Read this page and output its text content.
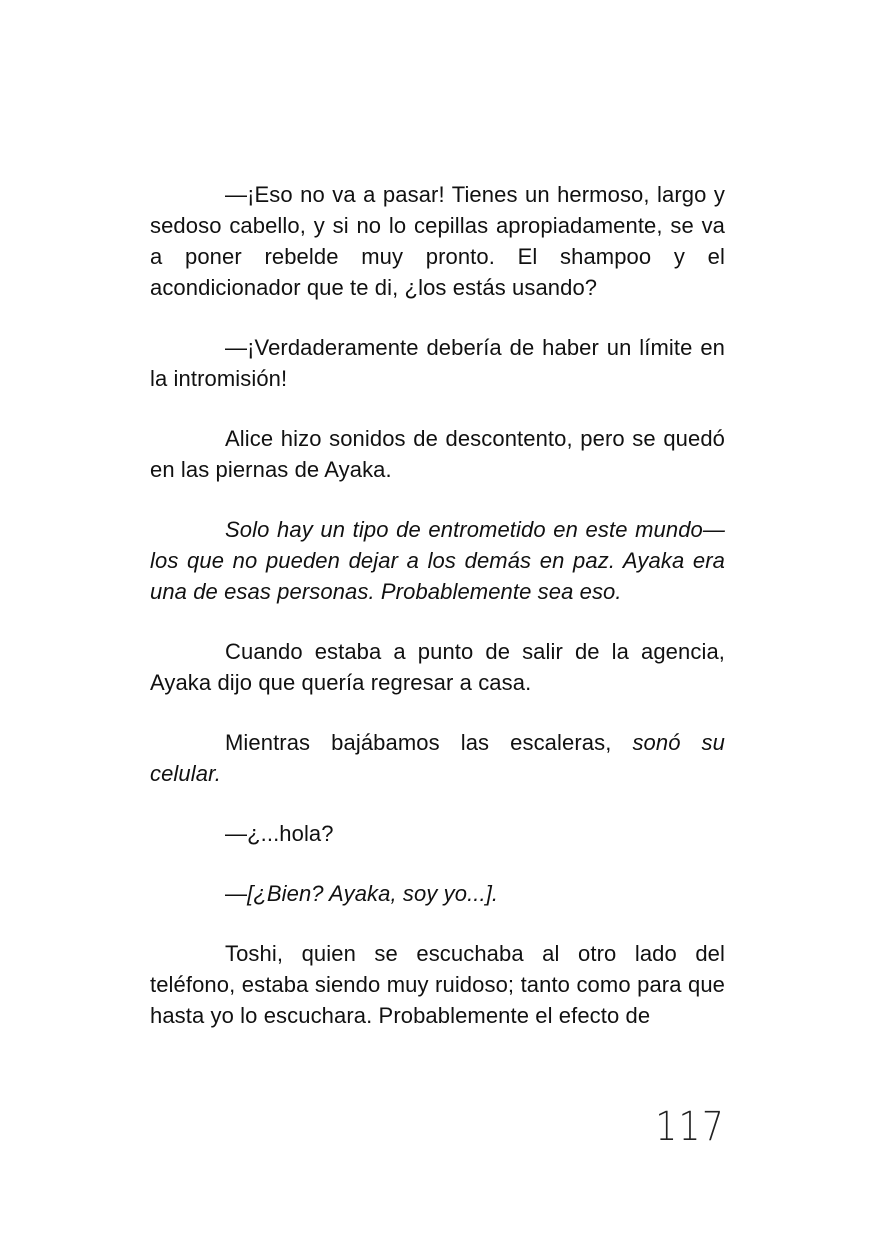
—¡Eso no va a pasar! Tienes un hermoso, largo y sedoso cabello, y si no lo cepillas apropiadamente, se va a poner rebelde muy pronto. El shampoo y el acondicionador que te di, ¿los estás usando?

—¡Verdaderamente debería de haber un límite en la intromisión!

Alice hizo sonidos de descontento, pero se quedó en las piernas de Ayaka.

Solo hay un tipo de entrometido en este mundo—los que no pueden dejar a los demás en paz. Ayaka era una de esas personas. Probablemente sea eso.

Cuando estaba a punto de salir de la agencia, Ayaka dijo que quería regresar a casa.

Mientras bajábamos las escaleras, sonó su celular.

—¿...hola?

—[¿Bien? Ayaka, soy yo...].

Toshi, quien se escuchaba al otro lado del teléfono, estaba siendo muy ruidoso; tanto como para que hasta yo lo escuchara. Probablemente el efecto de

117
